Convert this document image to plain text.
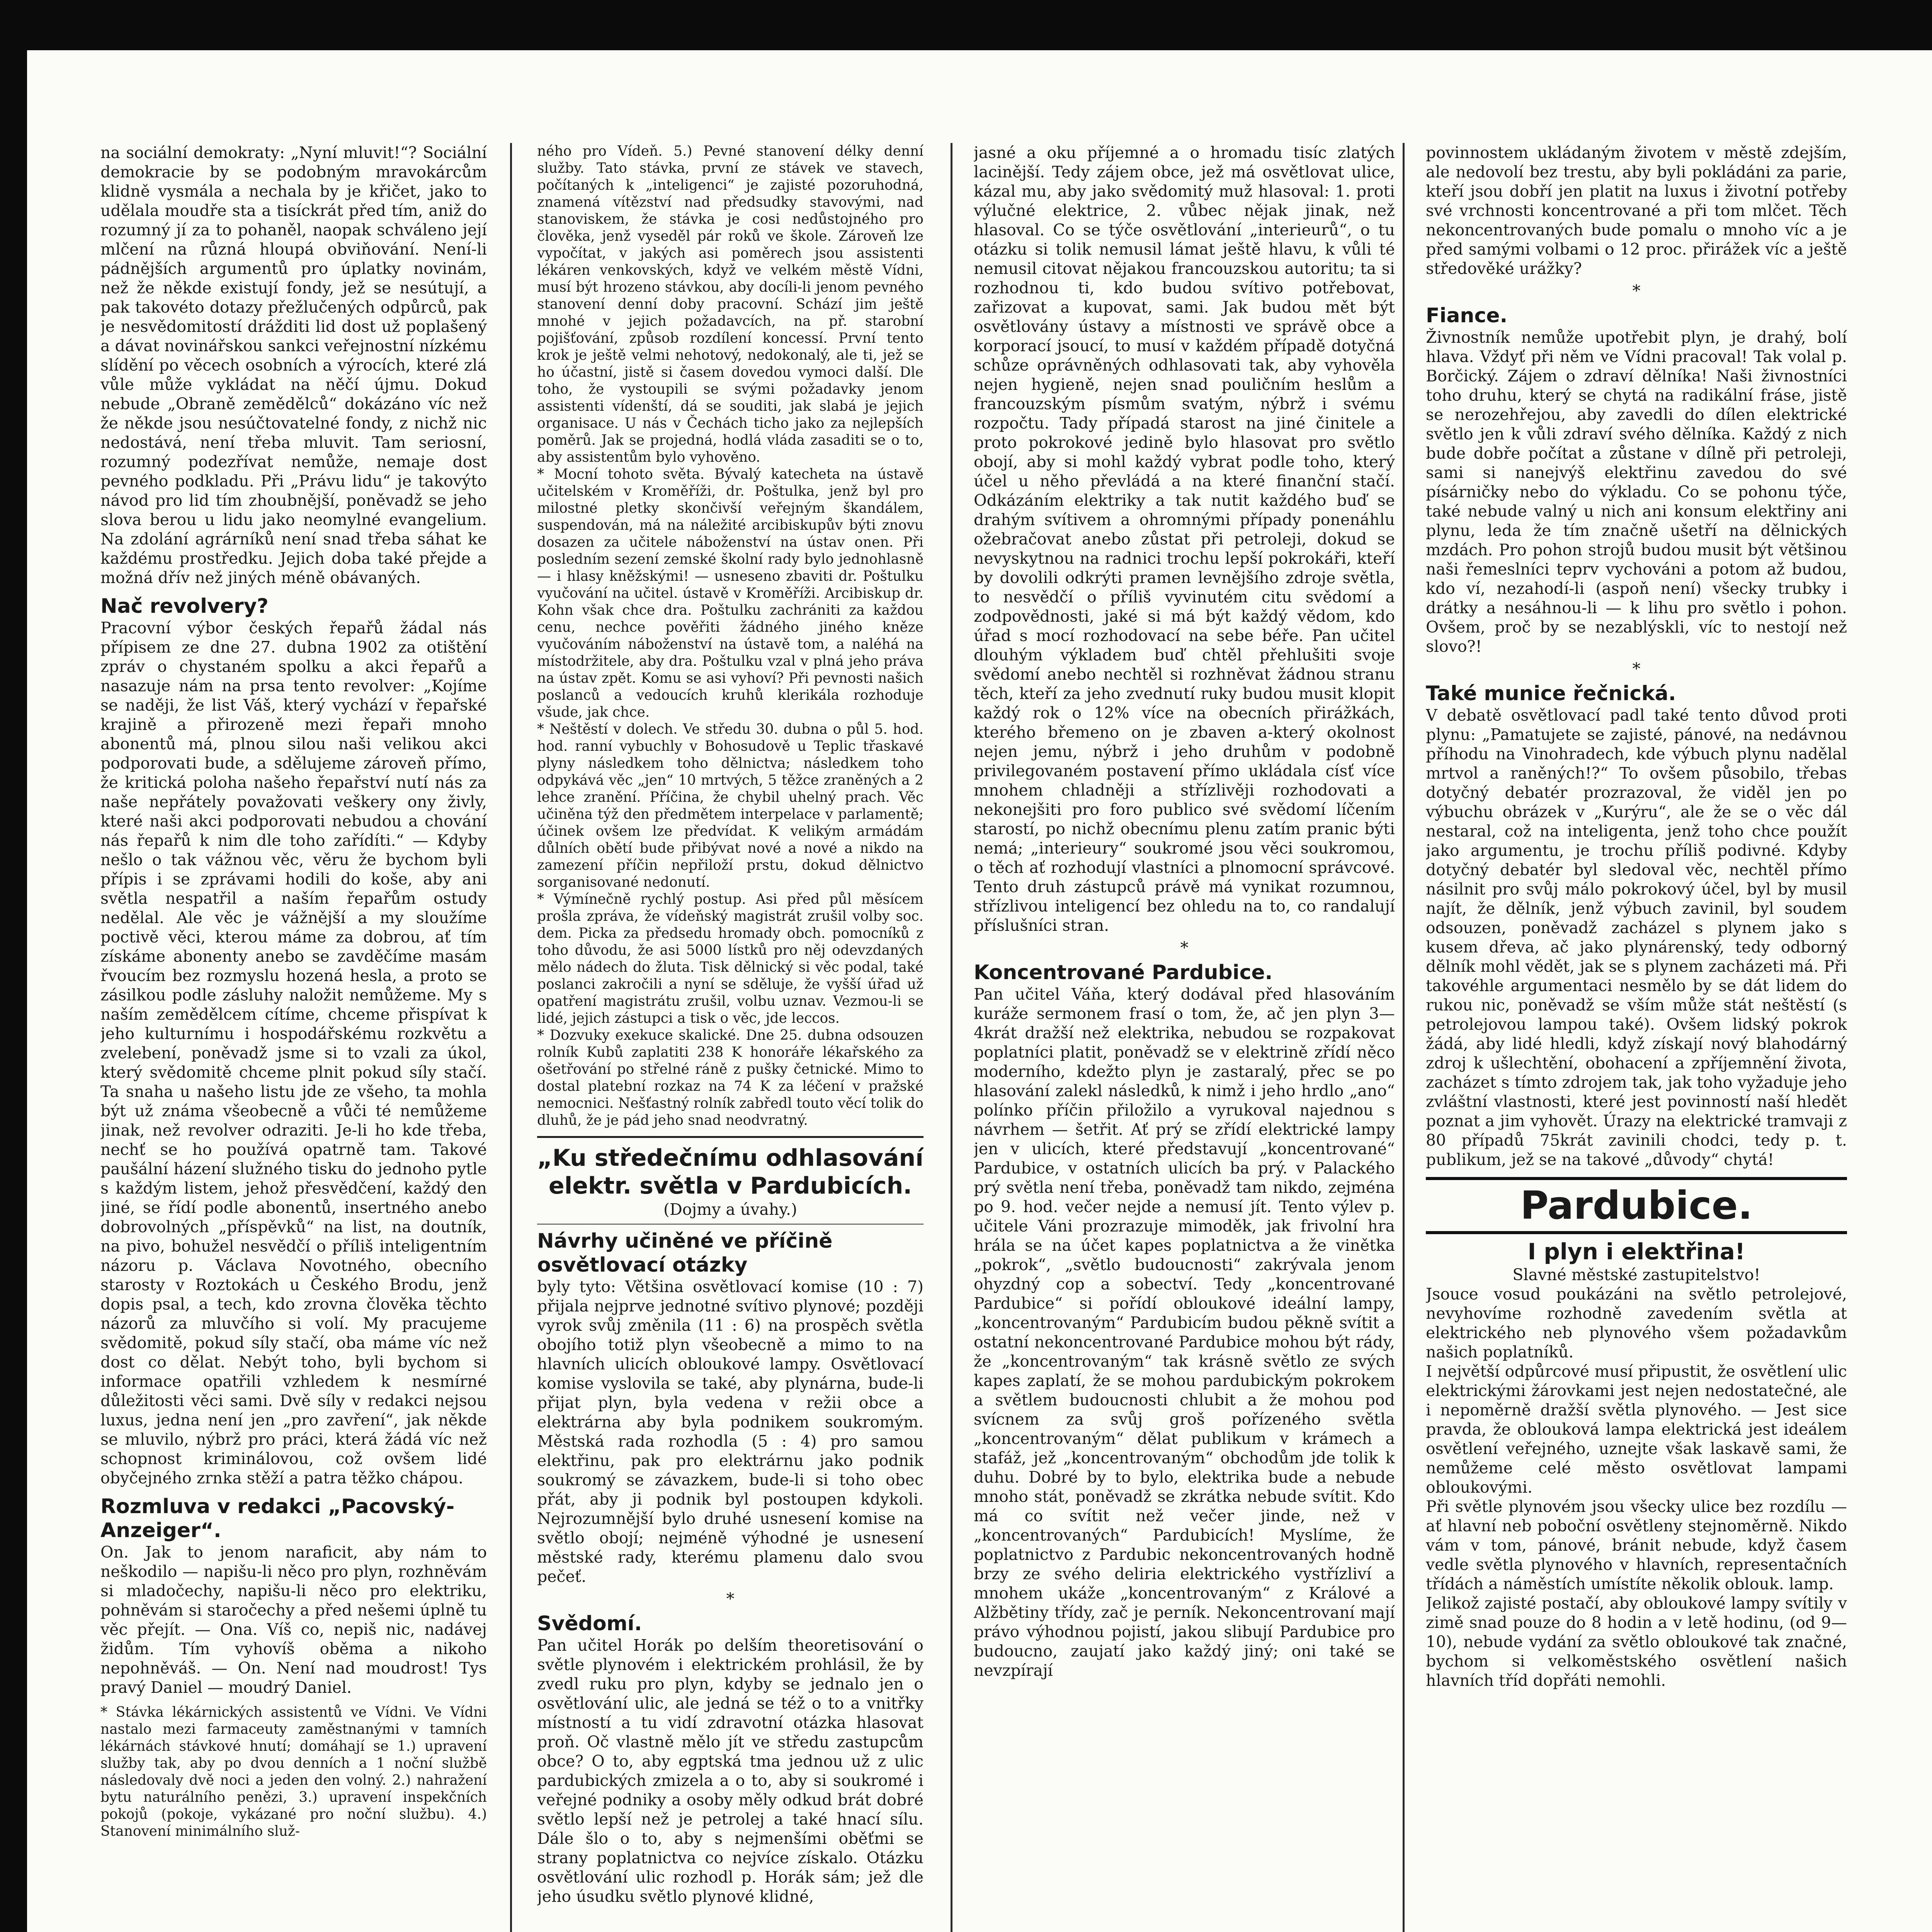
na sociální demokraty: „Nyní mluvit!“? Sociální demokracie by se podobným mravokárcům klidně vysmála a nechala by je křičet, jako to udělala moudře sta a tisíckrát před tím, aniž do rozumný jí za to pohaněl, naopak schváleno její mlčení na různá hloupá obviňování. Není-li pádnějších argumentů pro úplatky novinám, než že někde existují fondy, jež se nesútují, a pak takovéto dotazy přežlučených odpůrců, pak je nesvědomitostí drážditi lid dost už poplašený a dávat novinářskou sankci veřejnostní nízkému slídění po věcech osobních a výrocích, které zlá vůle může vykládat na něčí újmu. Dokud nebude „Obraně zemědělců“ dokázáno víc než že někde jsou nesúčtovatelné fondy, z nichž nic nedostává, není třeba mluvit. Tam seriosní, rozumný podezřívat nemůže, nemaje dost pevného podkladu. Při „Právu lidu“ je takovýto návod pro lid tím zhoubnější, poněvadž se jeho slova berou u lidu jako neomylné evangelium. Na zdolání agrárníků není snad třeba sáhat ke každému prostředku. Jejich doba také přejde a možná dřív než jiných méně obávaných.

Nač revolvery?

Pracovní výbor českých řepařů žádal nás přípisem ze dne 27. dubna 1902 za otištění zpráv o chystaném spolku a akci řepařů a nasazuje nám na prsa tento revolver: „Kojíme se naději, že list Váš, který vychází v řepařské krajině a přirozeně mezi řepaři mnoho abonentů má, plnou silou naši velikou akci podporovati bude, a sdělujeme zároveň přímo, že kritická poloha našeho řepařství nutí nás za naše nepřátely považovati veškery ony živly, které naši akci podporovati nebudou a chování nás řepařů k nim dle toho zařídíti.“ — Kdyby nešlo o tak vážnou věc, věru že bychom byli přípis i se zprávami hodili do koše, aby ani světla nespatřil a naším řepařům ostudy nedělal. Ale věc je vážnější a my sloužíme poctivě věci, kterou máme za dobrou, ať tím získáme abonenty anebo se zavděčíme masám řvoucím bez rozmyslu hozená hesla, a proto se zásilkou podle zásluhy naložit nemůžeme. My s naším zemědělcem cítíme, chceme přispívat k jeho kulturnímu i hospodářskému rozkvětu a zvelebení, poněvadž jsme si to vzali za úkol, který svědomitě chceme plnit pokud síly stačí. Ta snaha u našeho listu jde ze všeho, ta mohla být už známa všeobecně a vůči té nemůžeme jinak, než revolver odraziti. Je-li ho kde třeba, nechť se ho používá opatrně tam. Takové paušální házení služného tisku do jednoho pytle s každým listem, jehož přesvědčení, každý den jiné, se řídí podle abonentů, insertného anebo dobrovolných „příspěvků“ na list, na doutník, na pivo, bohužel nesvědčí o příliš inteligentním názoru p. Václava Novotného, obecního starosty v Roztokách u Českého Brodu, jenž dopis psal, a tech, kdo zrovna člověka těchto názorů za mluvčího si volí. My pracujeme svědomitě, pokud síly stačí, oba máme víc než dost co dělat. Nebýt toho, byli bychom si informace opatřili vzhledem k nesmírné důležitosti věci sami. Dvě síly v redakci nejsou luxus, jedna není jen „pro zavření“, jak někde se mluvilo, nýbrž pro práci, která žádá víc než schopnost kriminálovou, což ovšem lidé obyčejného zrnka stěží a patra těžko chápou.

Rozmluva v redakci „Pacovský-Anzeiger“.

On. Jak to jenom naraficit, aby nám to neškodilo — napišu-li něco pro plyn, rozhněvám si mladočechy, napišu-li něco pro elektriku, pohněvám si staročechy a před nešemi úplně tu věc přejít. — Ona. Víš co, nepiš nic, nadávej židům. Tím vyhovíš oběma a nikoho nepohněváš. — On. Není nad moudrost! Tys pravý Daniel — moudrý Daniel.

* Stávka lékárnických assistentů ve Vídni. Ve Vídni nastalo mezi farmaceuty zaměstnanými v tamních lékárnách stávkové hnutí; domáhají se 1.) upravení služby tak, aby po dvou denních a 1 noční službě následovaly dvě noci a jeden den volný. 2.) nahražení bytu naturálního penězi, 3.) upravení inspekčních pokojů (pokoje, vykázané pro noční službu). 4.) Stanovení minimálního služ-

ného pro Vídeň. 5.) Pevné stanovení délky denní služby. Tato stávka, první ze stávek ve stavech, počítaných k „inteligenci“ je zajisté pozoruhodná, znamená vítězství nad předsudky stavovými, nad stanoviskem, že stávka je cosi nedůstojného pro člověka, jenž vyseděl pár roků ve škole. Zároveň lze vypočítat, v jakých asi poměrech jsou assistenti lékáren venkovských, když ve velkém městě Vídni, musí být hrozeno stávkou, aby docíli-li jenom pevného stanovení denní doby pracovní. Schází jim ještě mnohé v jejich požadavcích, na př. starobní pojišťování, způsob rozdílení koncessí. První tento krok je ještě velmi nehotový, nedokonalý, ale ti, jež se ho účastní, jistě si časem dovedou vymoci další. Dle toho, že vystoupili se svými požadavky jenom assistenti vídenští, dá se souditi, jak slabá je jejich organisace. U nás v Čechách ticho jako za nejlepších poměrů. Jak se projedná, hodlá vláda zasaditi se o to, aby assistentům bylo vyhověno.

* Mocní tohoto světa. Bývalý katecheta na ústavě učitelském v Kroměříži, dr. Poštulka, jenž byl pro milostné pletky skončivší veřejným škandálem, suspendován, má na náležité arcibiskupův býti znovu dosazen za učitele náboženství na ústav onen. Při posledním sezení zemské školní rady bylo jednohlasně — i hlasy kněžskými! — usneseno zbaviti dr. Poštulku vyučování na učitel. ústavě v Kroměříži. Arcibiskup dr. Kohn však chce dra. Poštulku zachrániti za každou cenu, nechce pověřiti žádného jiného kněze vyučováním náboženství na ústavě tom, a naléhá na místodržitele, aby dra. Poštulku vzal v plná jeho práva na ústav zpět. Komu se asi vyhoví? Při pevnosti našich poslanců a vedoucích kruhů klerikála rozhoduje všude, jak chce.

* Neštěstí v dolech. Ve středu 30. dubna o půl 5. hod. hod. ranní vybuchly v Bohosudově u Teplic třaskavé plyny následkem toho dělnictva; následkem toho odpykává věc „jen“ 10 mrtvých, 5 těžce zraněných a 2 lehce zranění. Příčina, že chybil uhelný prach. Věc učiněna týž den předmětem interpelace v parlamentě; účinek ovšem lze předvídat. K velikým armádám důlních obětí bude přibývat nové a nové a nikdo na zamezení příčin nepřiloží prstu, dokud dělnictvo sorganisované nedonutí.

* Výmínečně rychlý postup. Asi před půl měsícem prošla zpráva, že vídeňský magistrát zrušil volby soc. dem. Picka za předsedu hromady obch. pomocníků z toho důvodu, že asi 5000 lístků pro něj odevzdaných mělo nádech do žluta. Tisk dělnický si věc podal, také poslanci zakročili a nyní se sděluje, že vyšší úřad už opatření magistrátu zrušil, volbu uznav. Vezmou-li se lidé, jejich zástupci a tisk o věc, jde leccos.

* Dozvuky exekuce skalické. Dne 25. dubna odsouzen rolník Kubů zaplatiti 238 K honoráře lékařského za ošetřování po střelné ráně z pušky četnické. Mimo to dostal platební rozkaz na 74 K za léčení v pražské nemocnici. Nešťastný rolník zabředl touto věcí tolik do dluhů, že je pád jeho snad neodvratný.

„Ku středečnímu odhlasování elektr. světla v Pardubicích.

(Dojmy a úvahy.)

Návrhy učiněné ve příčině osvětlovací otázky

byly tyto: Většina osvětlovací komise (10 : 7) přijala nejprve jednotné svítivo plynové; později vyrok svůj změnila (11 : 6) na prospěch světla obojího totiž plyn všeobecně a mimo to na hlavních ulicích obloukové lampy. Osvětlovací komise vyslovila se také, aby plynárna, bude-li přijat plyn, byla vedena v režii obce a elektrárna aby byla podnikem soukromým. Městská rada rozhodla (5 : 4) pro samou elektřinu, pak pro elektrárnu jako podnik soukromý se závazkem, bude-li si toho obec přát, aby ji podnik byl postoupen kdykoli. Nejrozumnější bylo druhé usnesení komise na světlo obojí; nejméně výhodné je usnesení městské rady, kterému plamenu dalo svou pečeť.

*
Svědomí.

Pan učitel Horák po delším theoretisování o světle plynovém i elektrickém prohlásil, že by zvedl ruku pro plyn, kdyby se jednalo jen o osvětlování ulic, ale jedná se též o to a vnitřky místností a tu vidí zdravotní otázka hlasovat proň. Oč vlastně mělo jít ve středu zastupcům obce? O to, aby egptská tma jednou už z ulic pardubických zmizela a o to, aby si soukromé i veřejné podniky a osoby měly odkud brát dobré světlo lepší než je petrolej a také hnací sílu. Dále šlo o to, aby s nejmenšími oběťmi se strany poplatnictva co nejvíce získalo. Otázku osvětlování ulic rozhodl p. Horák sám; jež dle jeho úsudku světlo plynové klidné,

jasné a oku příjemné a o hromadu tisíc zlatých lacinější. Tedy zájem obce, jež má osvětlovat ulice, kázal mu, aby jako svědomitý muž hlasoval: 1. proti výlučné elektrice, 2. vůbec nějak jinak, než hlasoval. Co se týče osvětlování „interieurů“, o tu otázku si tolik nemusil lámat ještě hlavu, k vůli té nemusil citovat nějakou francouzskou autoritu; ta si rozhodnou ti, kdo budou svítivo potřebovat, zařizovat a kupovat, sami. Jak budou mět být osvětlovány ústavy a místnosti ve správě obce a korporací jsoucí, to musí v každém případě dotyčná schůze oprávněných odhlasovati tak, aby vyhověla nejen hygieně, nejen snad pouličním heslům a francouzským písmům svatým, nýbrž i svému rozpočtu. Tady případá starost na jiné činitele a proto pokrokové jedině bylo hlasovat pro světlo obojí, aby si mohl každý vybrat podle toho, který účel u něho převládá a na které finanční stačí. Odkázáním elektriky a tak nutit každého buď se drahým svítivem a ohromnými případy ponenáhlu ožebračovat anebo zůstat při petroleji, dokud se nevyskytnou na radnici trochu lepší pokrokáři, kteří by dovolili odkrýti pramen levnějšího zdroje světla, to nesvědčí o příliš vyvinutém citu svědomí a zodpovědnosti, jaké si má být každý vědom, kdo úřad s mocí rozhodovací na sebe béře. Pan učitel dlouhým výkladem buď chtěl přehlušiti svoje svědomí anebo nechtěl si rozhněvat žádnou stranu těch, kteří za jeho zvednutí ruky budou musit klopit každý rok o 12% více na obecních přirážkách, kterého břemeno on je zbaven a-který okolnost nejen jemu, nýbrž i jeho druhům v podobně privilegovaném postavení přímo ukládala císť více mnohem chladněji a střízlivěji rozhodovati a nekonejšiti pro foro publico své svědomí líčením starostí, po nichž obecnímu plenu zatím pranic býti nemá; „interieury“ soukromé jsou věci soukromou, o těch ať rozhodují vlastníci a plnomocní správcové. Tento druh zástupců právě má vynikat rozumnou, střízlivou inteligencí bez ohledu na to, co randalují příslušníci stran.

*
Koncentrované Pardubice.

Pan učitel Váňa, který dodával před hlasováním kuráže sermonem frasí o tom, že, ač jen plyn 3—4krát dražší než elektrika, nebudou se rozpakovat poplatníci platit, poněvadž se v elektrině zřídí něco moderního, kdežto plyn je zastaralý, přec se po hlasování zalekl následků, k nimž i jeho hrdlo „ano“ polínko příčin přiložilo a vyrukoval najednou s návrhem — šetřit. Ať prý se zřídí elektrické lampy jen v ulicích, které představují „koncentrované“ Pardubice, v ostatních ulicích ba prý. v Palackého prý světla není třeba, poněvadž tam nikdo, zejména po 9. hod. večer nejde a nemusí jít. Tento výlev p. učitele Váni prozrazuje mimoděk, jak frivolní hra hrála se na účet kapes poplatnictva a že vinětka „pokrok“, „světlo budoucnosti“ zakrývala jenom ohyzdný cop a sobectví. Tedy „koncentrované Pardubice“ si pořídí obloukové ideální lampy, „koncentrovaným“ Pardubicím budou pěkně svítit a ostatní nekoncentrované Pardubice mohou být rády, že „koncentrovaným“ tak krásně světlo ze svých kapes zaplatí, že se mohou pardubickým pokrokem a světlem budoucnosti chlubit a že mohou pod svícnem za svůj groš pořízeného světla „koncentrovaným“ dělat publikum v krámech a stafáž, jež „koncentrovaným“ obchodům jde tolik k duhu. Dobré by to bylo, elektrika bude a nebude mnoho stát, poněvadž se zkrátka nebude svítit. Kdo má co svítit než večer jinde, než v „koncentrovaných“ Pardubicích! Myslíme, že poplatnictvo z Pardubic nekoncentrovaných hodně brzy ze svého deliria elektrického vystřízliví a mnohem ukáže „koncentrovaným“ z Králové a Alžbětiny třídy, zač je perník. Nekoncentrovaní mají právo výhodnou pojistí, jakou slibují Pardubice pro budoucno, zaujatí jako každý jiný; oni také se nevzpírají

povinnostem ukládaným životem v městě zdejším, ale nedovolí bez trestu, aby byli pokládáni za parie, kteří jsou dobří jen platit na luxus i životní potřeby své vrchnosti koncentrované a při tom mlčet. Těch nekoncentrovaných bude pomalu o mnoho víc a je před samými volbami o 12 proc. přirážek víc a ještě středověké urážky?

*
Fiance.

Živnostník nemůže upotřebit plyn, je drahý, bolí hlava. Vždyť při něm ve Vídni pracoval! Tak volal p. Borčický. Zájem o zdraví dělníka! Naši živnostníci toho druhu, který se chytá na radikální fráse, jistě se nerozehřejou, aby zavedli do dílen elektrické světlo jen k vůli zdraví svého dělníka. Každý z nich bude dobře počítat a zůstane v dílně při petroleji, sami si nanejvýš elektřinu zavedou do své písárničky nebo do výkladu. Co se pohonu týče, také nebude valný u nich ani konsum elektřiny ani plynu, leda že tím značně ušetří na dělnických mzdách. Pro pohon strojů budou musit být většinou naši řemeslníci teprv vychováni a potom až budou, kdo ví, nezahodí-li (aspoň není) všecky trubky i drátky a nesáhnou-li — k lihu pro světlo i pohon. Ovšem, proč by se nezablýskli, víc to nestojí než slovo?!

*
Také munice řečnická.

V debatě osvětlovací padl také tento důvod proti plynu: „Pamatujete se zajisté, pánové, na nedávnou příhodu na Vinohradech, kde výbuch plynu nadělal mrtvol a raněných!?“ To ovšem působilo, třebas dotyčný debatér prozrazoval, že viděl jen po výbuchu obrázek v „Kurýru“, ale že se o věc dál nestaral, což na inteligenta, jenž toho chce použít jako argumentu, je trochu příliš podivné. Kdyby dotyčný debatér byl sledoval věc, nechtěl přímo násilnit pro svůj málo pokrokový účel, byl by musil najít, že dělník, jenž výbuch zavinil, byl soudem odsouzen, poněvadž zacházel s plynem jako s kusem dřeva, ač jako plynárenský, tedy odborný dělník mohl vědět, jak se s plynem zacházeti má. Při takovéhle argumentaci nesmělo by se dát lidem do rukou nic, poněvadž se vším může stát neštěstí (s petrolejovou lampou také). Ovšem lidský pokrok žádá, aby lidé hledli, když získají nový blahodárný zdroj k ušlechtění, obohacení a zpříjemnění života, zacházet s tímto zdrojem tak, jak toho vyžaduje jeho zvláštní vlastnosti, které jest povinností naší hledět poznat a jim vyhovět. Úrazy na elektrické tramvaji z 80 případů 75krát zavinili chodci, tedy p. t. publikum, jež se na takové „důvody“ chytá!

Pardubice.
I plyn i elektřina!

Slavné městské zastupitelstvo!

Jsouce vosud poukázáni na světlo petrolejové, nevyhovíme rozhodně zavedením světla at elektrického neb plynového všem požadavkům našich poplatníků.

I největší odpůrcové musí připustit, že osvětlení ulic elektrickými žárovkami jest nejen nedostatečné, ale i nepoměrně dražší světla plynového. — Jest sice pravda, že oblouková lampa elektrická jest ideálem osvětlení veřejného, uznejte však laskavě sami, že nemůžeme celé město osvětlovat lampami obloukovými.

Při světle plynovém jsou všecky ulice bez rozdílu — ať hlavní neb poboční osvětleny stejnoměrně. Nikdo vám v tom, pánové, bránit nebude, když časem vedle světla plynového v hlavních, representačních třídách a náměstích umístíte několik oblouk. lamp.

Jelikož zajisté postačí, aby obloukové lampy svítily v zimě snad pouze do 8 hodin a v letě hodinu, (od 9—10), nebude vydání za světlo obloukové tak značné, bychom si velkoměstského osvětlení našich hlavních tříd dopřáti nemohli.
